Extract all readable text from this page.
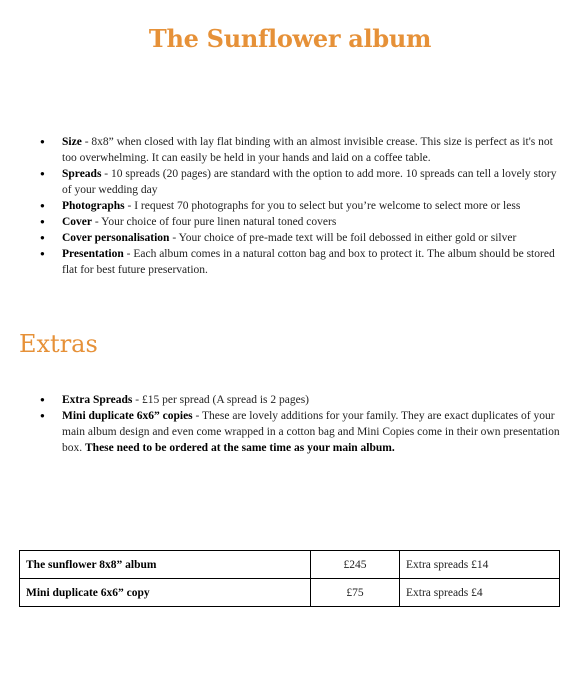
The Sunflower album
● Size - 8x8” when closed with lay flat binding with an almost invisible crease. This size is perfect as it's not too overwhelming. It can easily be held in your hands and laid on a coffee table.
● Spreads - 10 spreads (20 pages) are standard with the option to add more. 10 spreads can tell a lovely story of your wedding day
● Photographs - I request 70 photographs for you to select but you’re welcome to select more or less
● Cover - Your choice of four pure linen natural toned covers
● Cover personalisation - Your choice of pre-made text will be foil debossed in either gold or silver
● Presentation - Each album comes in a natural cotton bag and box to protect it. The album should be stored flat for best future preservation.
Extras
● Extra Spreads - £15 per spread (A spread is 2 pages)
● Mini duplicate 6x6” copies - These are lovely additions for your family. They are exact duplicates of your main album design and even come wrapped in a cotton bag and Mini Copies come in their own presentation box. These need to be ordered at the same time as your main album.
The sunflower 8x8” album	£245	Extra spreads £14
Mini duplicate 6x6” copy	£75	Extra spreads £4
